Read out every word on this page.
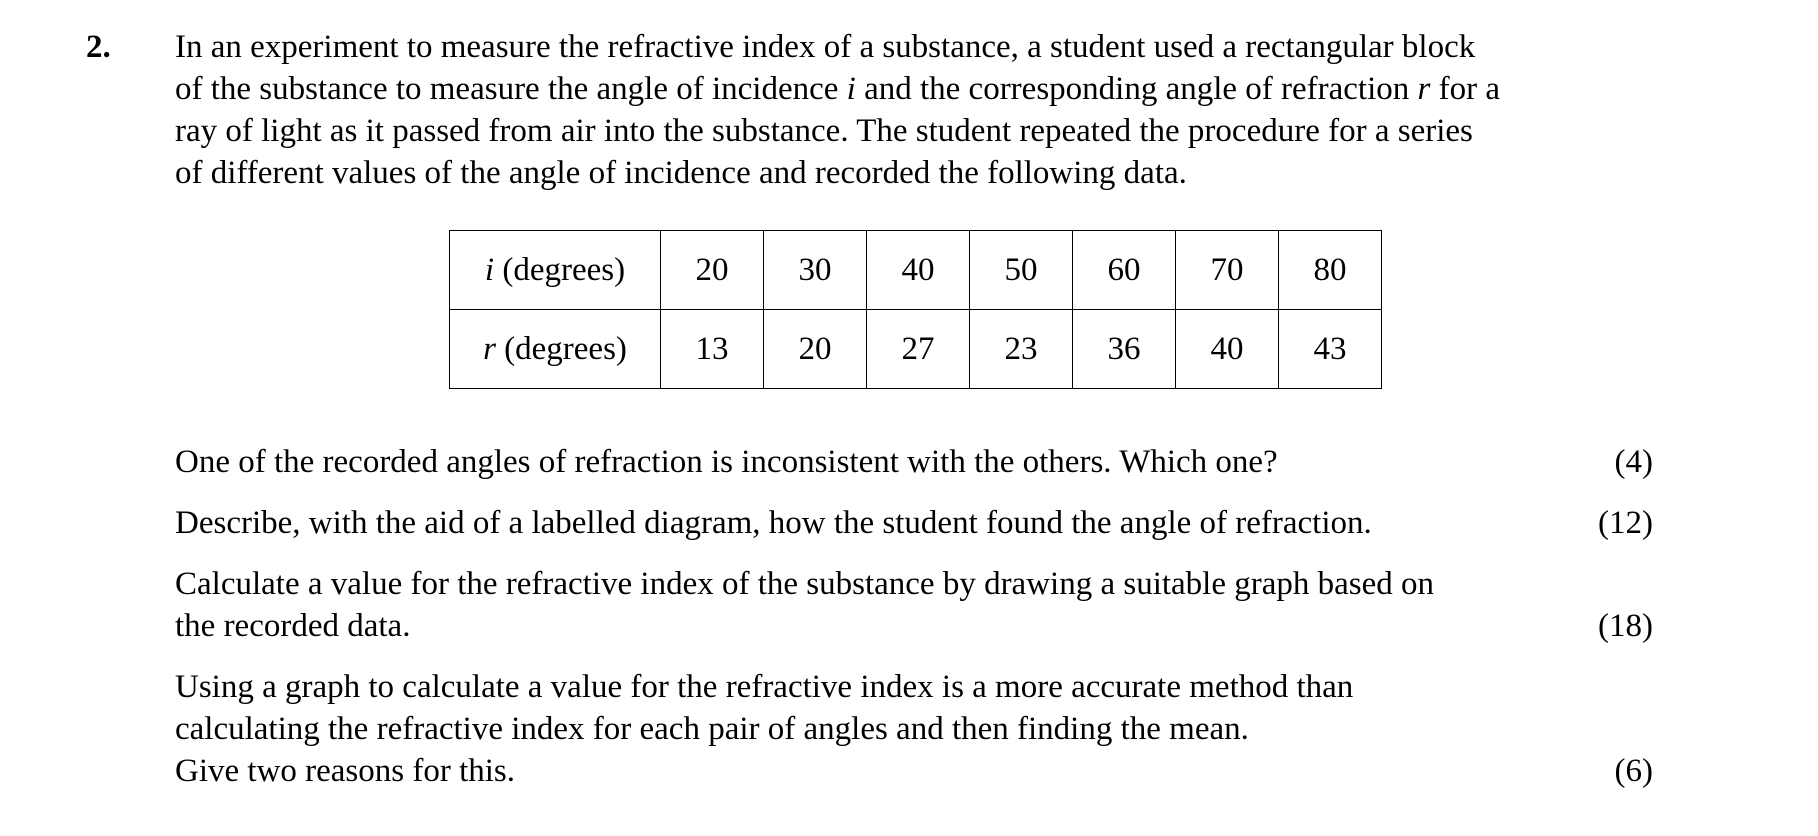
2. In an experiment to measure the refractive index of a substance, a student used a rectangular block
of the substance to measure the angle of incidence i and the corresponding angle of refraction r for a
ray of light as it passed from air into the substance. The student repeated the procedure for a series
of different values of the angle of incidence and recorded the following data.
i (degrees)	20	30	40	50	60	70	80
r (degrees)	13	20	27	23	36	40	43
One of the recorded angles of refraction is inconsistent with the others. Which one?	(4)
Describe, with the aid of a labelled diagram, how the student found the angle of refraction.	(12)
Calculate a value for the refractive index of the substance by drawing a suitable graph based on
the recorded data.	(18)
Using a graph to calculate a value for the refractive index is a more accurate method than
calculating the refractive index for each pair of angles and then finding the mean.
Give two reasons for this.	(6)
